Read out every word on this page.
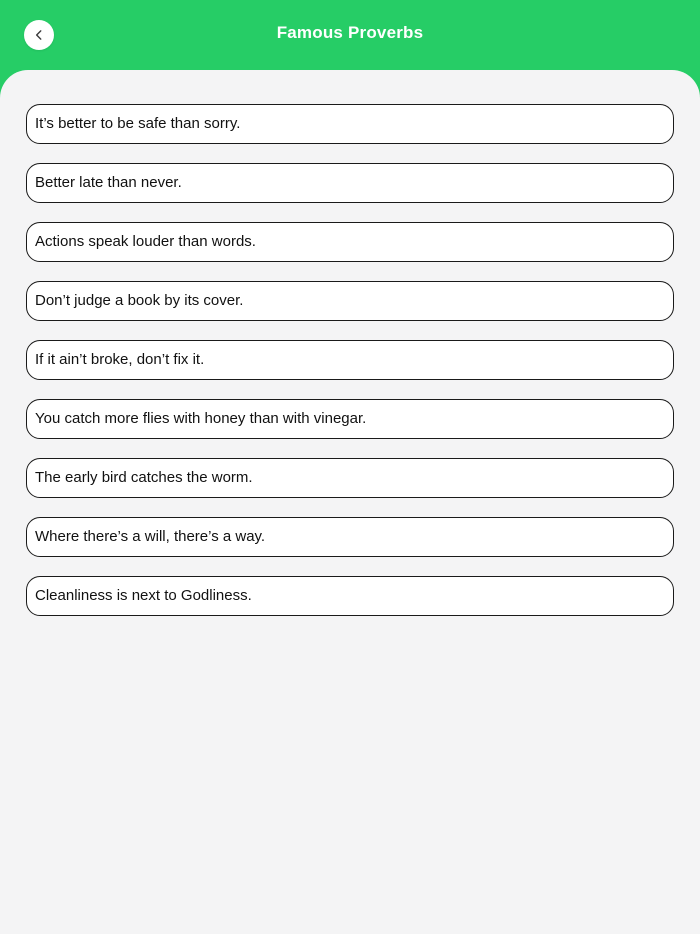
Famous Proverbs
It’s better to be safe than sorry.
Better late than never.
Actions speak louder than words.
Don’t judge a book by its cover.
If it ain’t broke, don’t fix it.
You catch more flies with honey than with vinegar.
The early bird catches the worm.
Where there’s a will, there’s a way.
Cleanliness is next to Godliness.
